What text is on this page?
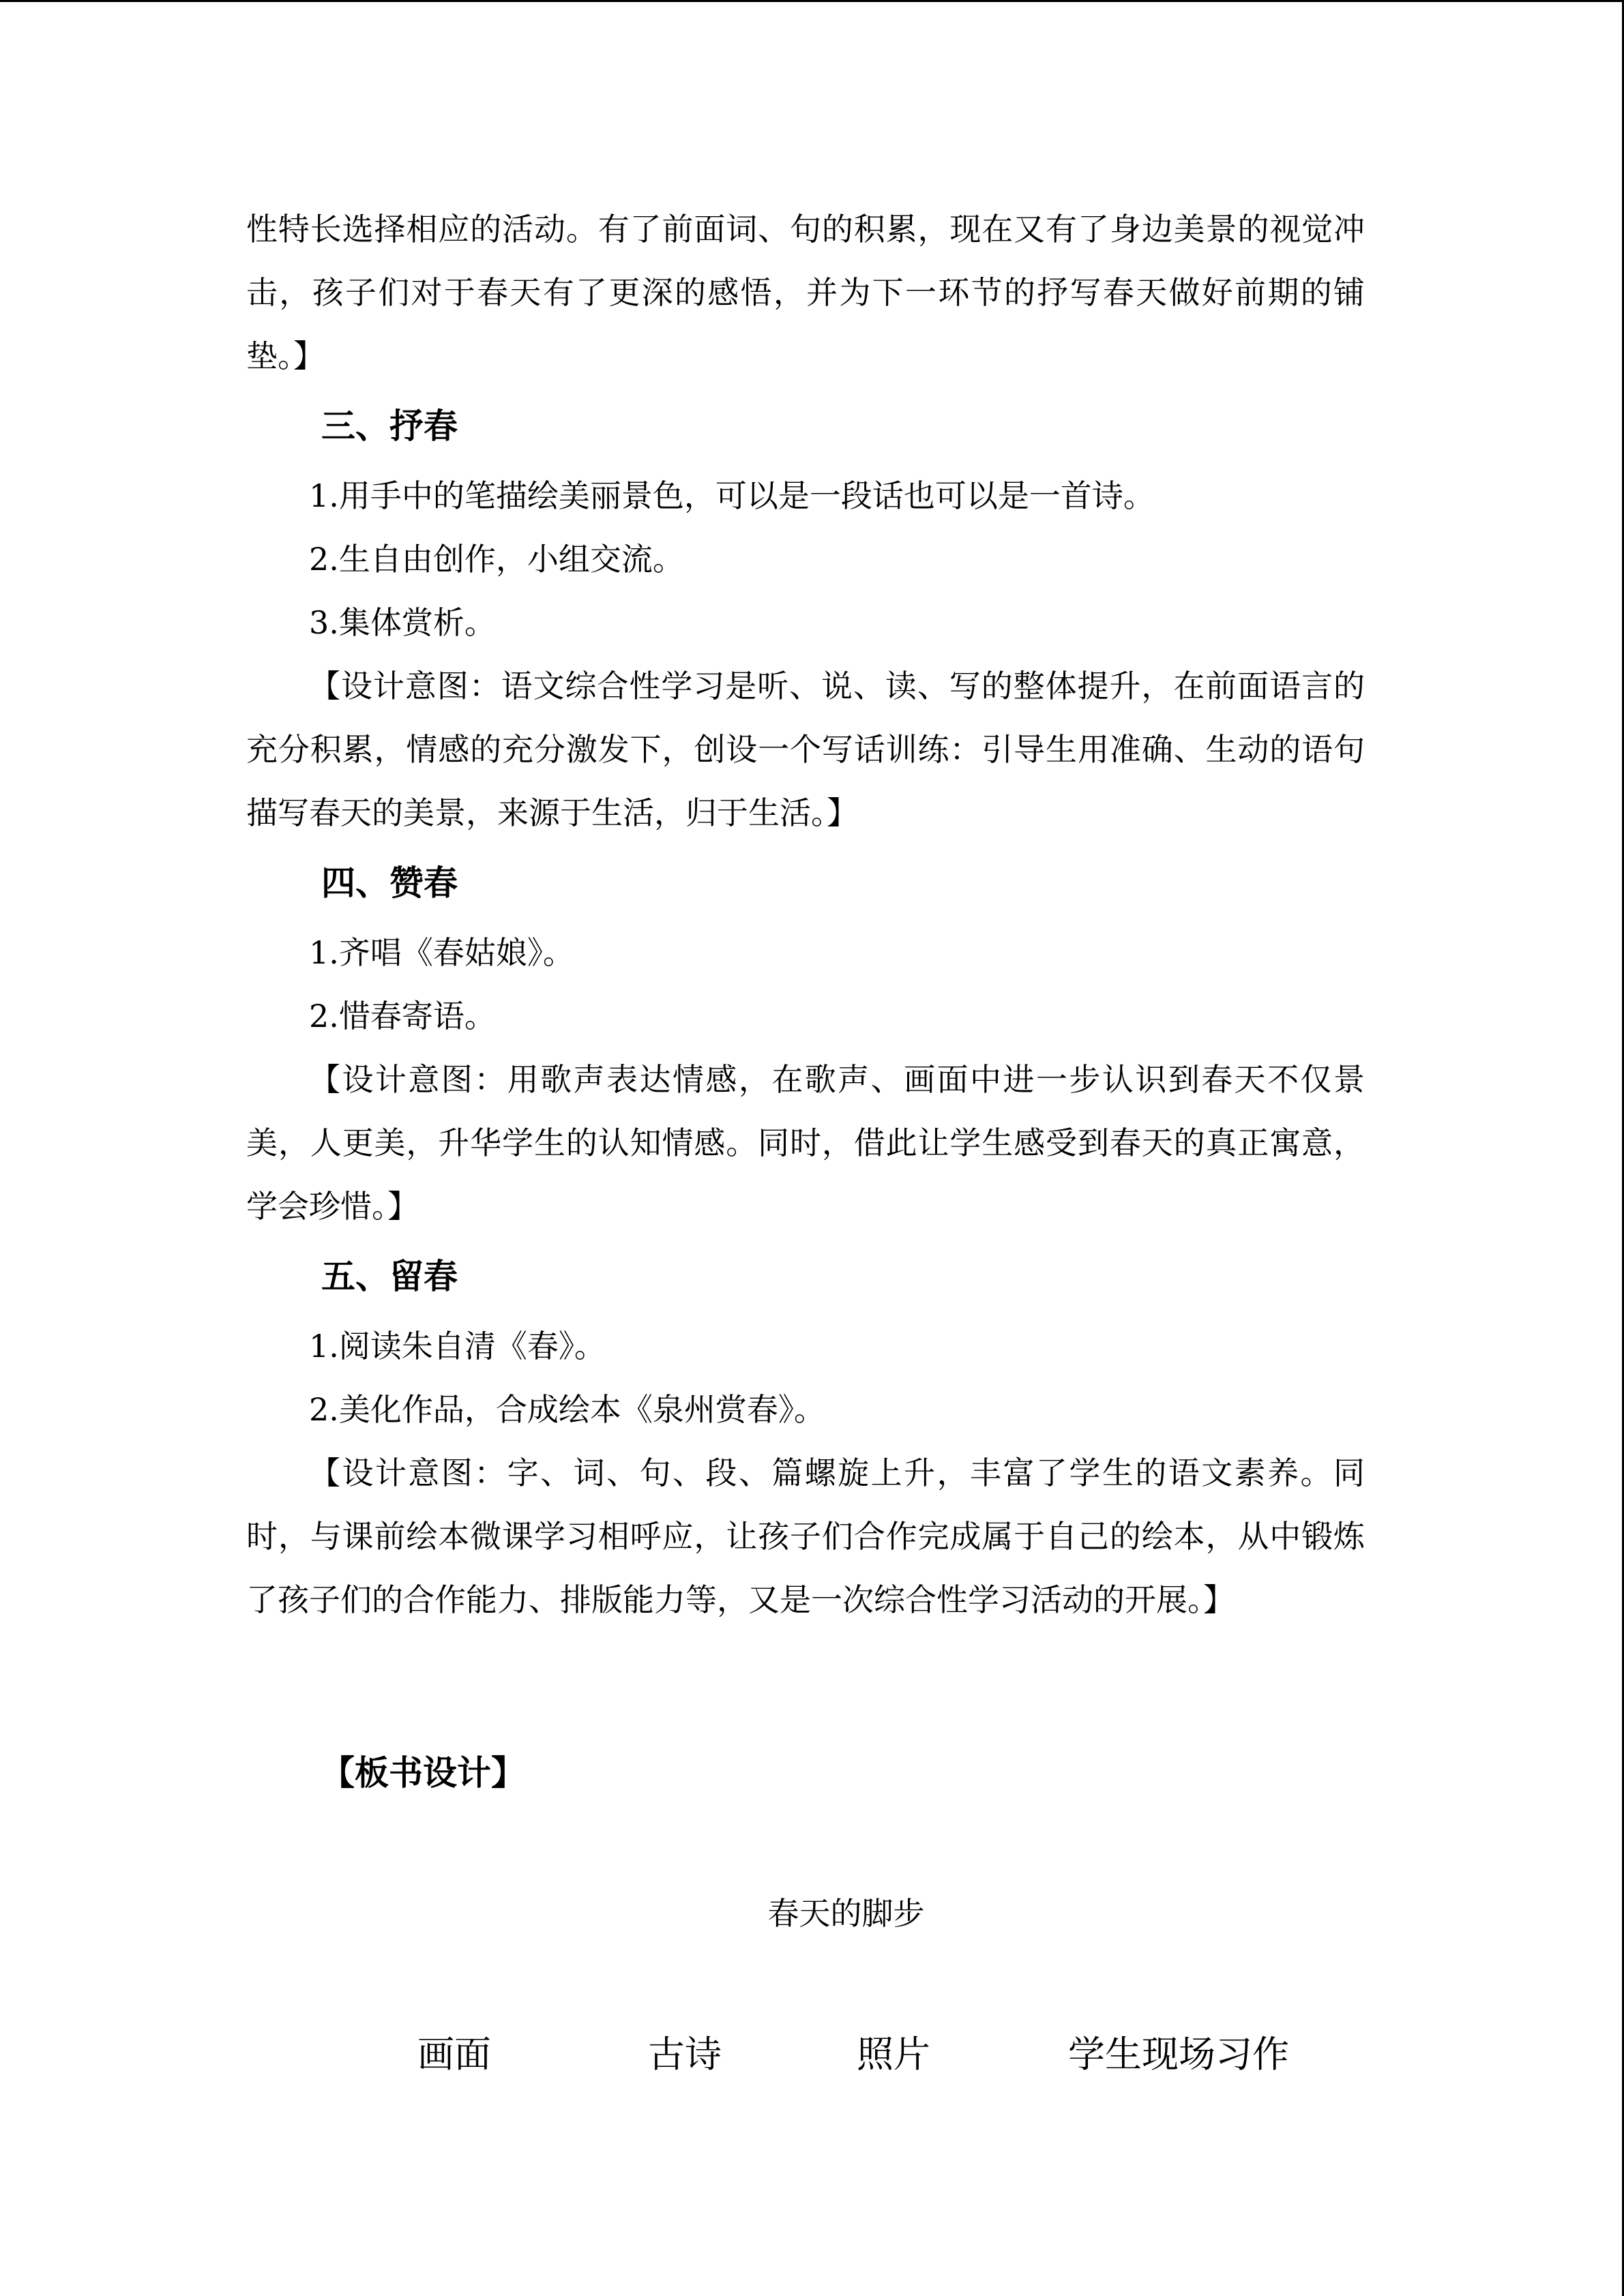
性特长选择相应的活动。有了前面词、句的积累，现在又有了身边美景的视觉冲击，孩子们对于春天有了更深的感悟，并为下一环节的抒写春天做好前期的铺垫。】

三、抒春

1.用手中的笔描绘美丽景色，可以是一段话也可以是一首诗。

2.生自由创作，小组交流。

3.集体赏析。

【设计意图：语文综合性学习是听、说、读、写的整体提升，在前面语言的充分积累，情感的充分激发下，创设一个写话训练：引导生用准确、生动的语句描写春天的美景，来源于生活，归于生活。】

四、赞春

1.齐唱《春姑娘》。

2.惜春寄语。

【设计意图：用歌声表达情感，在歌声、画面中进一步认识到春天不仅景美，人更美，升华学生的认知情感。同时，借此让学生感受到春天的真正寓意，学会珍惜。】

五、留春

1.阅读朱自清《春》。

2.美化作品，合成绘本《泉州赏春》。

【设计意图：字、词、句、段、篇螺旋上升，丰富了学生的语文素养。同时，与课前绘本微课学习相呼应，让孩子们合作完成属于自己的绘本，从中锻炼了孩子们的合作能力、排版能力等，又是一次综合性学习活动的开展。】

【板书设计】

春天的脚步
画面	古诗	照片	学生现场习作
